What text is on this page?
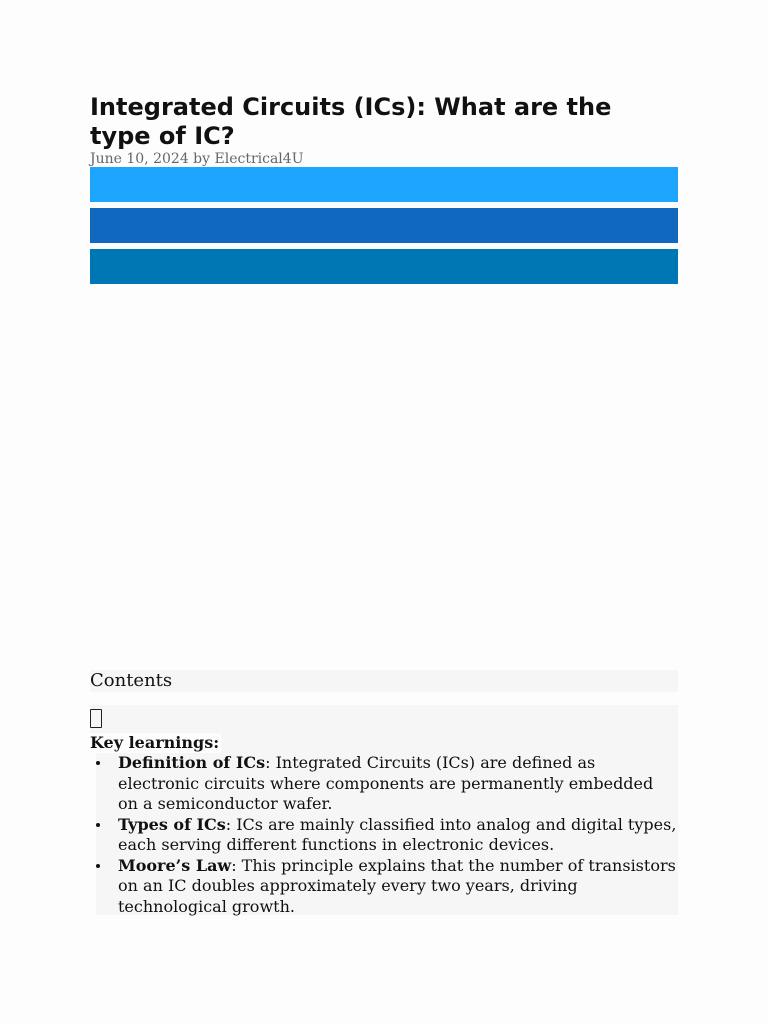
Integrated Circuits (ICs): What are the type of IC?
June 10, 2024 by Electrical4U
Contents
Key learnings:
Definition of ICs: Integrated Circuits (ICs) are defined as electronic circuits where components are permanently embedded on a semiconductor wafer.
Types of ICs: ICs are mainly classified into analog and digital types, each serving different functions in electronic devices.
Moore’s Law: This principle explains that the number of transistors on an IC doubles approximately every two years, driving technological growth.
